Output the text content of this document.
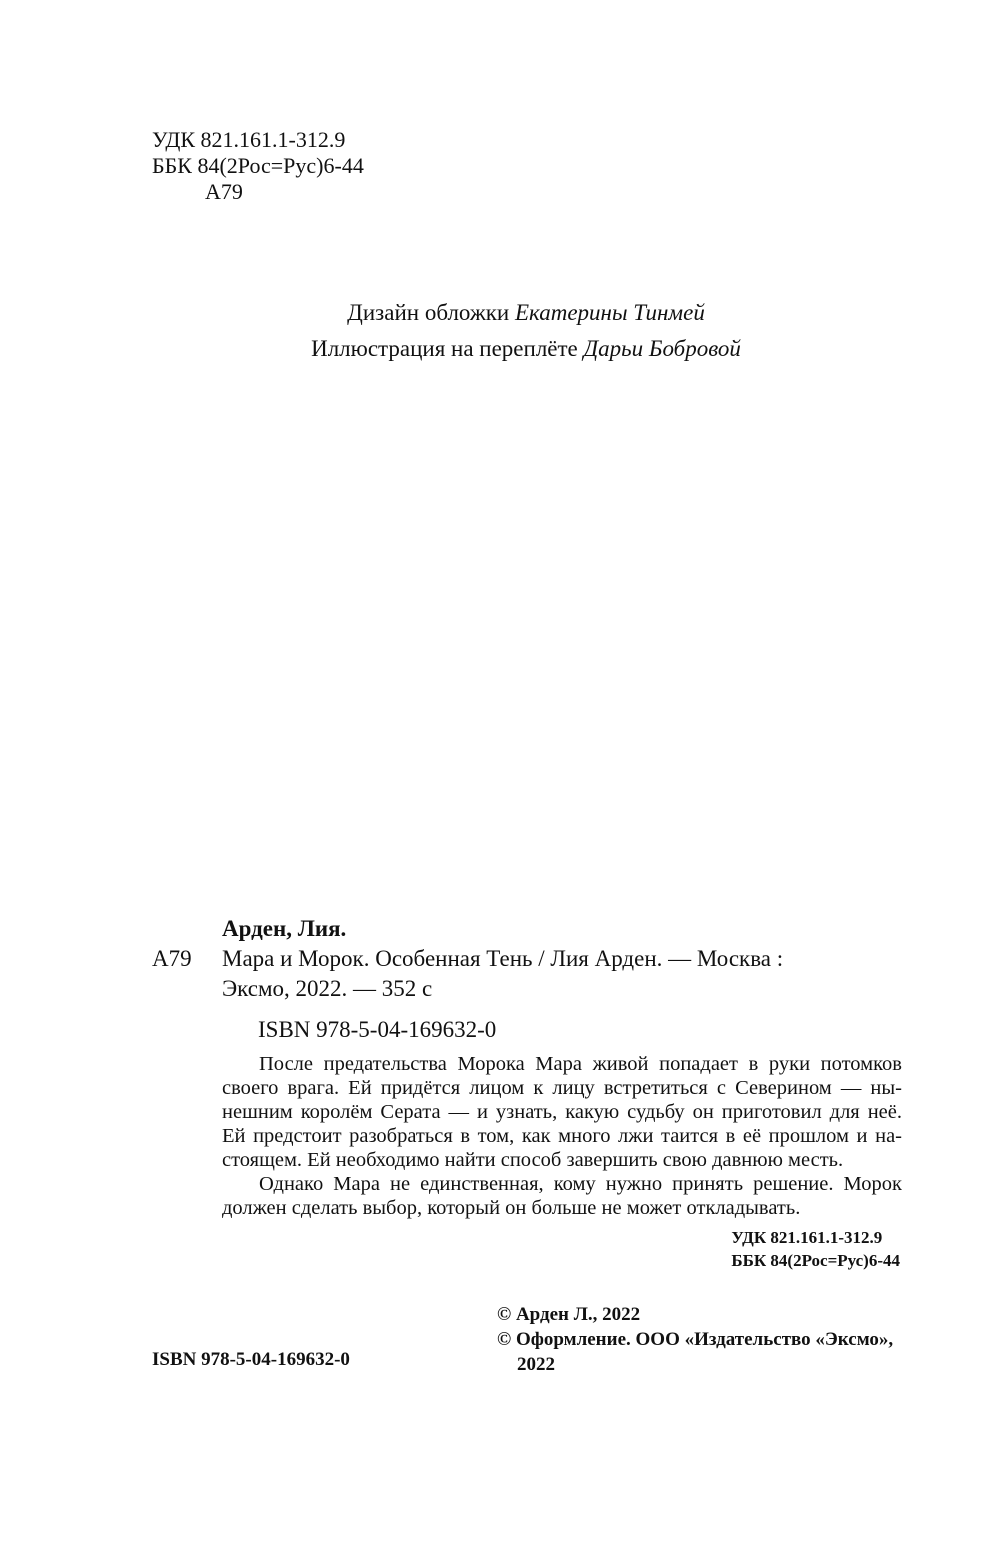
УДК 821.161.1-312.9
ББК 84(2Рос=Рус)6-44
А79
Дизайн обложки Екатерины Тинмей
Иллюстрация на переплёте Дарьи Бобровой
Арден, Лия.
А79 Мара и Морок. Особенная Тень / Лия Арден. — Москва :
Эксмо, 2022. — 352 с
ISBN 978-5-04-169632-0
После предательства Морока Мара живой попадает в руки потомков
своего врага. Ей придётся лицом к лицу встретиться с Северином — ны-
нешним королём Серата — и узнать, какую судьбу он приготовил для неё.
Ей предстоит разобраться в том, как много лжи таится в её прошлом и на-
стоящем. Ей необходимо найти способ завершить свою давнюю месть.
Однако Мара не единственная, кому нужно принять решение. Морок
должен сделать выбор, который он больше не может откладывать.
УДК 821.161.1-312.9
ББК 84(2Рос=Рус)6-44
© Арден Л., 2022
© Оформление. ООО «Издательство «Эксмо»,
2022
ISBN 978-5-04-169632-0
